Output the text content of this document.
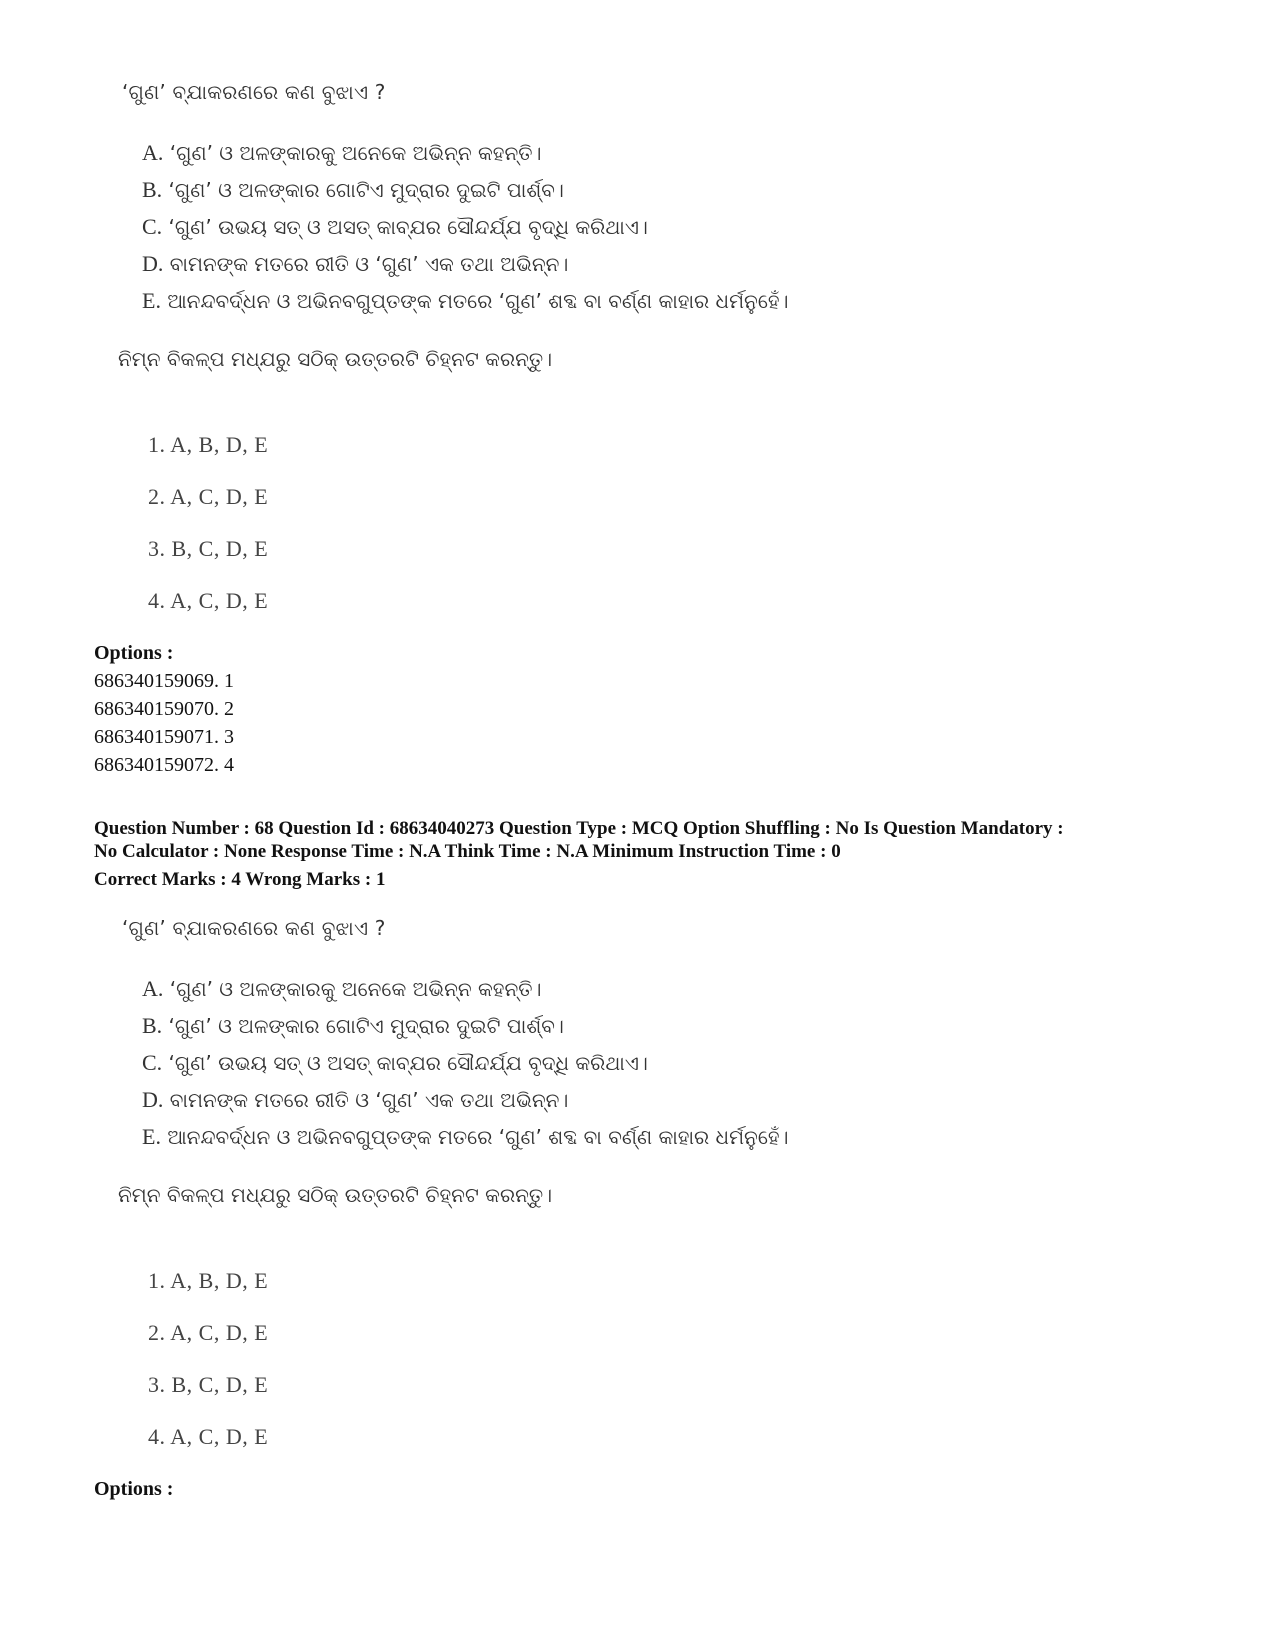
‘ଗୁଣ’ ବ୍ଯାକରଣରେ କଣ ବୁଝାଏ ?
A. ‘ଗୁଣ’ ଓ ଅଳଙ୍କାରକୁ ଅନେକେ ଅଭିନ୍ନ କହନ୍ତି।
B. ‘ଗୁଣ’ ଓ ଅଳଙ୍କାର ଗୋଟିଏ ମୁଦ୍ରାର ଦୁଇଟି ପାର୍ଶ୍ବ।
C. ‘ଗୁଣ’ ଉଭୟ ସତ୍ ଓ ଅସତ୍ କାବ୍ଯର ସୌନ୍ଦର୍ଯ୍ଯ ବୃଦ୍ଧି କରିଥାଏ।
D. ବାମନଙ୍କ ମତରେ ରୀତି ଓ ‘ଗୁଣ’ ଏକ ତଥା ଅଭିନ୍ନ।
E. ଆନନ୍ଦବର୍ଦ୍ଧନ ଓ ଅଭିନବଗୁପ୍ତଙ୍କ ମତରେ ‘ଗୁଣ’ ଶବ୍ଦ ବା ବର୍ଣ୍ଣ କାହାର ଧର୍ମନୁହେଁ।
ନିମ୍ନ ବିକଳ୍ପ ମଧ୍ଯରୁ ସଠିକ୍ ଉତ୍ତରଟି ଚିହ୍ନଟ କରନ୍ତୁ।
1. A, B, D, E
2. A, C, D, E
3. B, C, D, E
4. A, C, D, E
Options :
686340159069. 1
686340159070. 2
686340159071. 3
686340159072. 4
Question Number : 68 Question Id : 68634040273 Question Type : MCQ Option Shuffling : No Is Question Mandatory :
No Calculator : None Response Time : N.A Think Time : N.A Minimum Instruction Time : 0
Correct Marks : 4 Wrong Marks : 1
‘ଗୁଣ’ ବ୍ଯାକରଣରେ କଣ ବୁଝାଏ ?
A. ‘ଗୁଣ’ ଓ ଅଳଙ୍କାରକୁ ଅନେକେ ଅଭିନ୍ନ କହନ୍ତି।
B. ‘ଗୁଣ’ ଓ ଅଳଙ୍କାର ଗୋଟିଏ ମୁଦ୍ରାର ଦୁଇଟି ପାର୍ଶ୍ବ।
C. ‘ଗୁଣ’ ଉଭୟ ସତ୍ ଓ ଅସତ୍ କାବ୍ଯର ସୌନ୍ଦର୍ଯ୍ଯ ବୃଦ୍ଧି କରିଥାଏ।
D. ବାମନଙ୍କ ମତରେ ରୀତି ଓ ‘ଗୁଣ’ ଏକ ତଥା ଅଭିନ୍ନ।
E. ଆନନ୍ଦବର୍ଦ୍ଧନ ଓ ଅଭିନବଗୁପ୍ତଙ୍କ ମତରେ ‘ଗୁଣ’ ଶବ୍ଦ ବା ବର୍ଣ୍ଣ କାହାର ଧର୍ମନୁହେଁ।
ନିମ୍ନ ବିକଳ୍ପ ମଧ୍ଯରୁ ସଠିକ୍ ଉତ୍ତରଟି ଚିହ୍ନଟ କରନ୍ତୁ।
1. A, B, D, E
2. A, C, D, E
3. B, C, D, E
4. A, C, D, E
Options :
